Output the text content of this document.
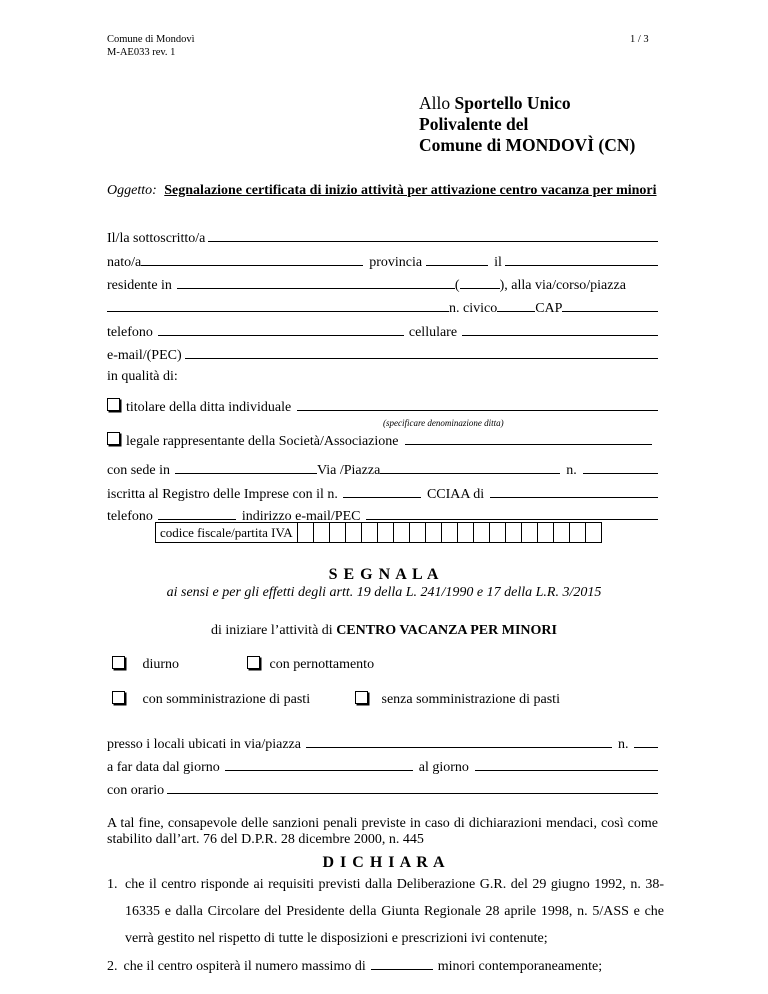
Comune di Mondovì
M-AE033 rev. 1
1 / 3
Allo Sportello Unico
Polivalente del
Comune di MONDOVÌ (CN)
Oggetto: Segnalazione certificata di inizio attività per attivazione centro vacanza per minori
Il/la sottoscritto/a
nato/a	provincia	il
residente in	(	), alla via/corso/piazza
n. civico	CAP
telefono	cellulare
e-mail/(PEC)
in qualità di:
titolare della ditta individuale
(specificare denominazione ditta)
legale rappresentante della Società/Associazione
con sede in	Via /Piazza	n.
iscritta al Registro delle Imprese con il n.	CCIAA di
telefono	indirizzo e-mail/PEC
codice fiscale/partita IVA
S E G N A L A
ai sensi e per gli effetti degli artt. 19 della L. 241/1990 e 17 della L.R. 3/2015
di iniziare l’attività di CENTRO VACANZA PER MINORI
diurno	con pernottamento
con somministrazione di pasti	senza somministrazione di pasti
presso i locali ubicati in via/piazza	n.
a far data dal giorno	al giorno
con orario
A tal fine, consapevole delle sanzioni penali previste in caso di dichiarazioni mendaci, così come stabilito dall’art. 76 del D.P.R. 28 dicembre 2000, n. 445
D I C H I A R A
1. che il centro risponde ai requisiti previsti dalla Deliberazione G.R. del 29 giugno 1992, n. 38-16335 e dalla Circolare del Presidente della Giunta Regionale 28 aprile 1998, n. 5/ASS e che verrà gestito nel rispetto di tutte le disposizioni e prescrizioni ivi contenute;
2. che il centro ospiterà il numero massimo di	minori contemporaneamente;
